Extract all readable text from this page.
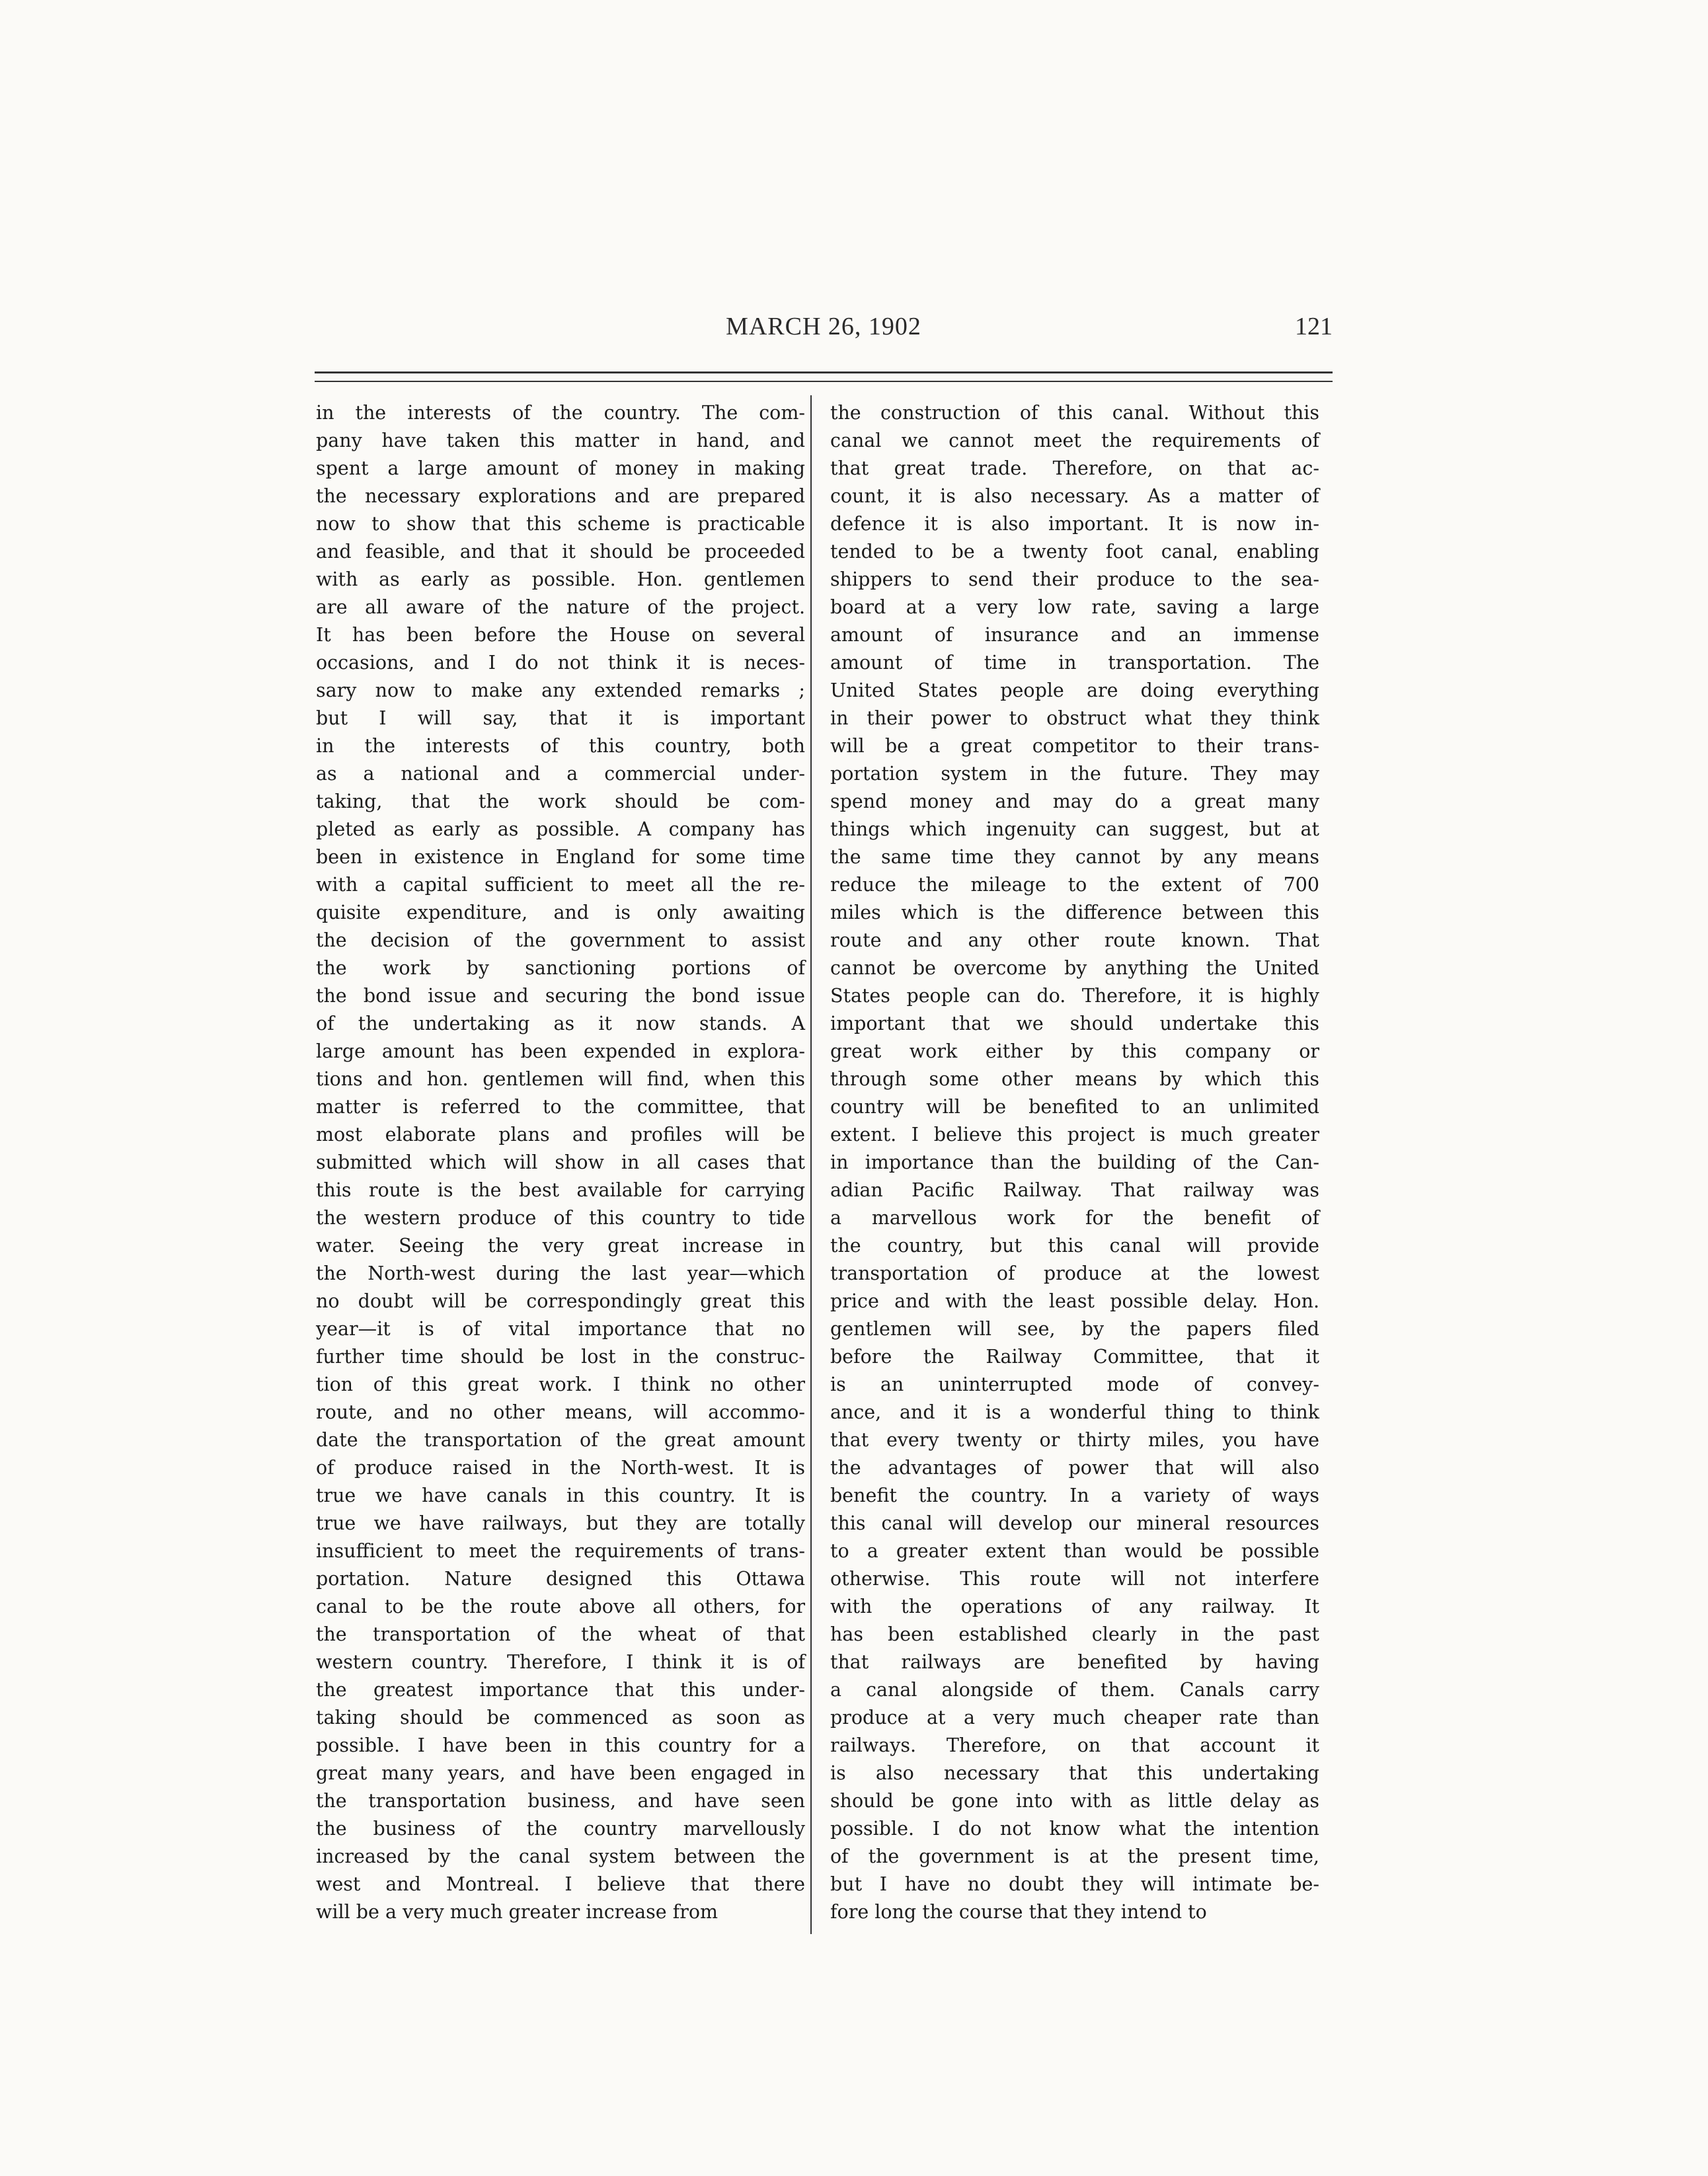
MARCH 26, 1902	121
in the interests of the country. The com-
pany have taken this matter in hand, and
spent a large amount of money in making
the necessary explorations and are prepared
now to show that this scheme is practicable
and feasible, and that it should be proceeded
with as early as possible. Hon. gentlemen
are all aware of the nature of the project.
It has been before the House on several
occasions, and I do not think it is neces-
sary now to make any extended remarks ;
but I will say, that it is important
in the interests of this country, both
as a national and a commercial under-
taking, that the work should be com-
pleted as early as possible. A company has
been in existence in England for some time
with a capital sufficient to meet all the re-
quisite expenditure, and is only awaiting
the decision of the government to assist
the work by sanctioning portions of
the bond issue and securing the bond issue
of the undertaking as it now stands. A
large amount has been expended in explora-
tions and hon. gentlemen will find, when this
matter is referred to the committee, that
most elaborate plans and profiles will be
submitted which will show in all cases that
this route is the best available for carrying
the western produce of this country to tide
water. Seeing the very great increase in
the North-west during the last year—which
no doubt will be correspondingly great this
year—it is of vital importance that no
further time should be lost in the construc-
tion of this great work. I think no other
route, and no other means, will accommo-
date the transportation of the great amount
of produce raised in the North-west. It is
true we have canals in this country. It is
true we have railways, but they are totally
insufficient to meet the requirements of trans-
portation. Nature designed this Ottawa
canal to be the route above all others, for
the transportation of the wheat of that
western country. Therefore, I think it is of
the greatest importance that this under-
taking should be commenced as soon as
possible. I have been in this country for a
great many years, and have been engaged in
the transportation business, and have seen
the business of the country marvellously
increased by the canal system between the
west and Montreal. I believe that there
will be a very much greater increase from
the construction of this canal. Without this
canal we cannot meet the requirements of
that great trade. Therefore, on that ac-
count, it is also necessary. As a matter of
defence it is also important. It is now in-
tended to be a twenty foot canal, enabling
shippers to send their produce to the sea-
board at a very low rate, saving a large
amount of insurance and an immense
amount of time in transportation. The
United States people are doing everything
in their power to obstruct what they think
will be a great competitor to their trans-
portation system in the future. They may
spend money and may do a great many
things which ingenuity can suggest, but at
the same time they cannot by any means
reduce the mileage to the extent of 700
miles which is the difference between this
route and any other route known. That
cannot be overcome by anything the United
States people can do. Therefore, it is highly
important that we should undertake this
great work either by this company or
through some other means by which this
country will be benefited to an unlimited
extent. I believe this project is much greater
in importance than the building of the Can-
adian Pacific Railway. That railway was
a marvellous work for the benefit of
the country, but this canal will provide
transportation of produce at the lowest
price and with the least possible delay. Hon.
gentlemen will see, by the papers filed
before the Railway Committee, that it
is an uninterrupted mode of convey-
ance, and it is a wonderful thing to think
that every twenty or thirty miles, you have
the advantages of power that will also
benefit the country. In a variety of ways
this canal will develop our mineral resources
to a greater extent than would be possible
otherwise. This route will not interfere
with the operations of any railway. It
has been established clearly in the past
that railways are benefited by having
a canal alongside of them. Canals carry
produce at a very much cheaper rate than
railways. Therefore, on that account it
is also necessary that this undertaking
should be gone into with as little delay as
possible. I do not know what the intention
of the government is at the present time,
but I have no doubt they will intimate be-
fore long the course that they intend to
